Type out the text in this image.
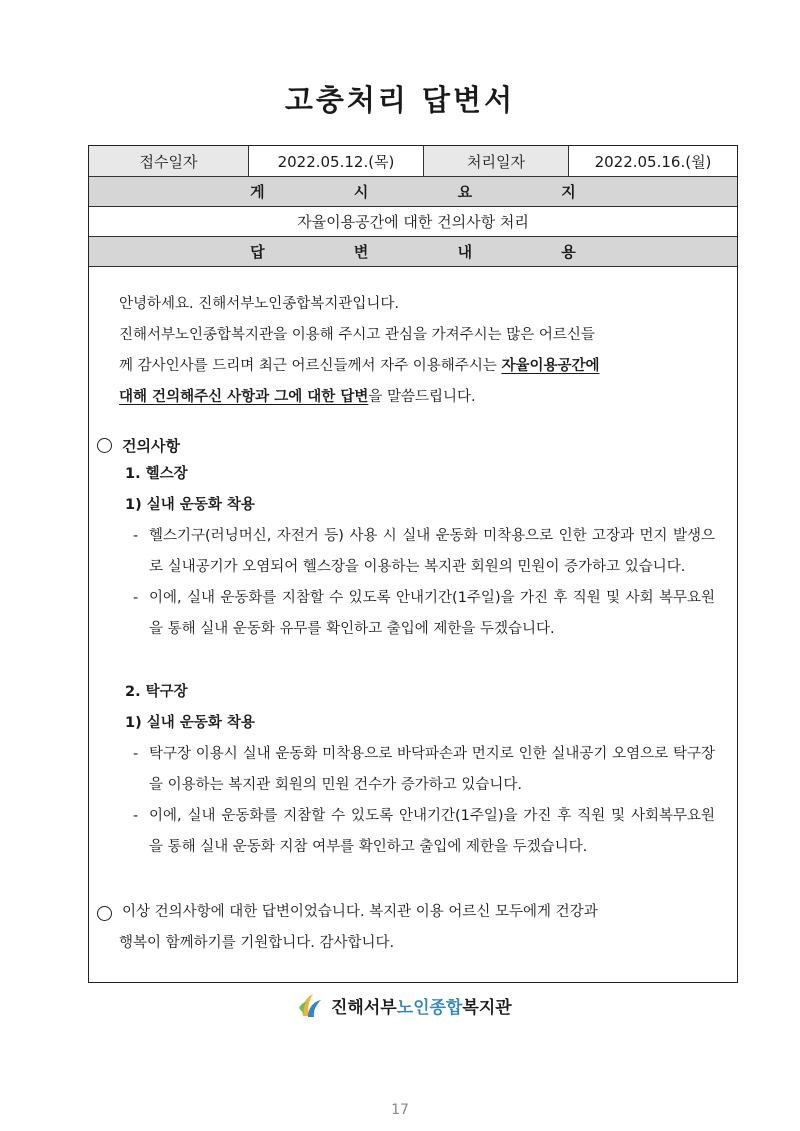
고충처리 답변서
접수일자	2022.05.12.(목)	처리일자	2022.05.16.(월)
게 시 요 지
자율이용공간에 대한 건의사항 처리
답 변 내 용

안녕하세요. 진해서부노인종합복지관입니다.

진해서부노인종합복지관을 이용해 주시고 관심을 가져주시는 많은 어르신들

께 감사인사를 드리며 최근 어르신들께서 자주 이용해주시는 자율이용공간에

대해 건의해주신 사항과 그에 대한 답변을 말씀드립니다.

건의사항

1. 헬스장

1) 실내 운동화 착용

- 헬스기구(러닝머신, 자전거 등) 사용 시 실내 운동화 미착용으로 인한 고장과 먼지 발생으로 실내공기가 오염되어 헬스장을 이용하는 복지관 회원의 민원이 증가하고 있습니다.

- 이에, 실내 운동화를 지참할 수 있도록 안내기간(1주일)을 가진 후 직원 및 사회 복무요원을 통해 실내 운동화 유무를 확인하고 출입에 제한을 두겠습니다.

2. 탁구장

1) 실내 운동화 착용

- 탁구장 이용시 실내 운동화 미착용으로 바닥파손과 먼지로 인한 실내공기 오염으로 탁구장을 이용하는 복지관 회원의 민원 건수가 증가하고 있습니다.

- 이에, 실내 운동화를 지참할 수 있도록 안내기간(1주일)을 가진 후 직원 및 사회복무요원을 통해 실내 운동화 지참 여부를 확인하고 출입에 제한을 두겠습니다.

이상 건의사항에 대한 답변이었습니다. 복지관 이용 어르신 모두에게 건강과

행복이 함께하기를 기원합니다. 감사합니다.

진해서부 노인종합 복지관
17
